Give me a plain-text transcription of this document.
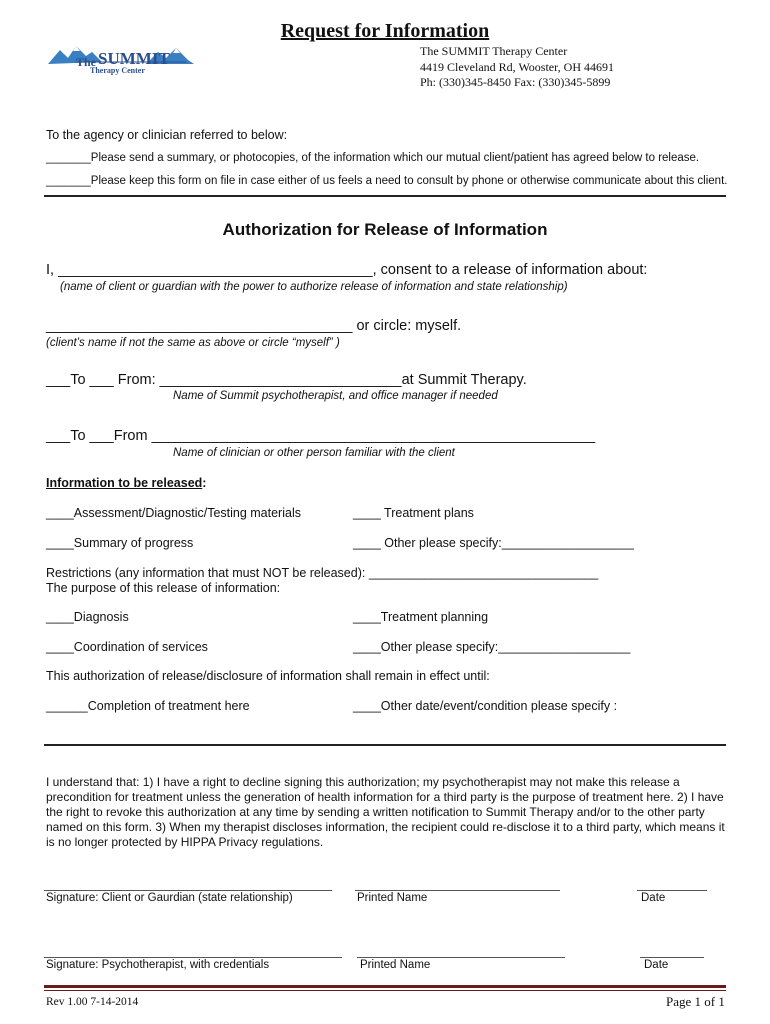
Request for Information
The SUMMIT
Therapy Center
The SUMMIT Therapy Center
4419 Cleveland Rd, Wooster, OH 44691
Ph: (330)345-8450 Fax: (330)345-5899
To the agency or clinician referred to below:
_______Please send a summary, or photocopies, of the information which our mutual client/patient has agreed below to release.
_______Please keep this form on file in case either of us feels a need to consult by phone or otherwise communicate about this client.
Authorization for Release of Information
I, _______________________________________, consent to a release of information about:
(name of client or guardian with the power to authorize release of information and state relationship)
______________________________________ or circle: myself.
(client’s name if not the same as above or circle “myself” )
___To ___ From: ______________________________at Summit Therapy.
Name of Summit psychotherapist, and office manager if needed
___To ___From _______________________________________________________
Name of clinician or other person familiar with the client
Information to be released:
____Assessment/Diagnostic/Testing materials	____ Treatment plans
____Summary of progress	____ Other please specify:___________________
Restrictions (any information that must NOT be released): _________________________________
The purpose of this release of information:
____Diagnosis	____Treatment planning
____Coordination of services	____Other please specify:___________________
This authorization of release/disclosure of information shall remain in effect until:
______Completion of treatment here	____Other date/event/condition please specify :
I understand that: 1) I have a right to decline signing this authorization; my psychotherapist may not make this release a precondition for treatment unless the generation of health information for a third party is the purpose of treatment here. 2) I have the right to revoke this authorization at any time by sending a written notification to Summit Therapy and/or to the other party named on this form. 3) When my therapist discloses information, the recipient could re-disclose it to a third party, which means it is no longer protected by HIPPA Privacy regulations.
Signature: Client or Gaurdian (state relationship)	Printed Name	Date
Signature: Psychotherapist, with credentials	Printed Name	Date
Rev 1.00 7-14-2014	Page 1 of 1
